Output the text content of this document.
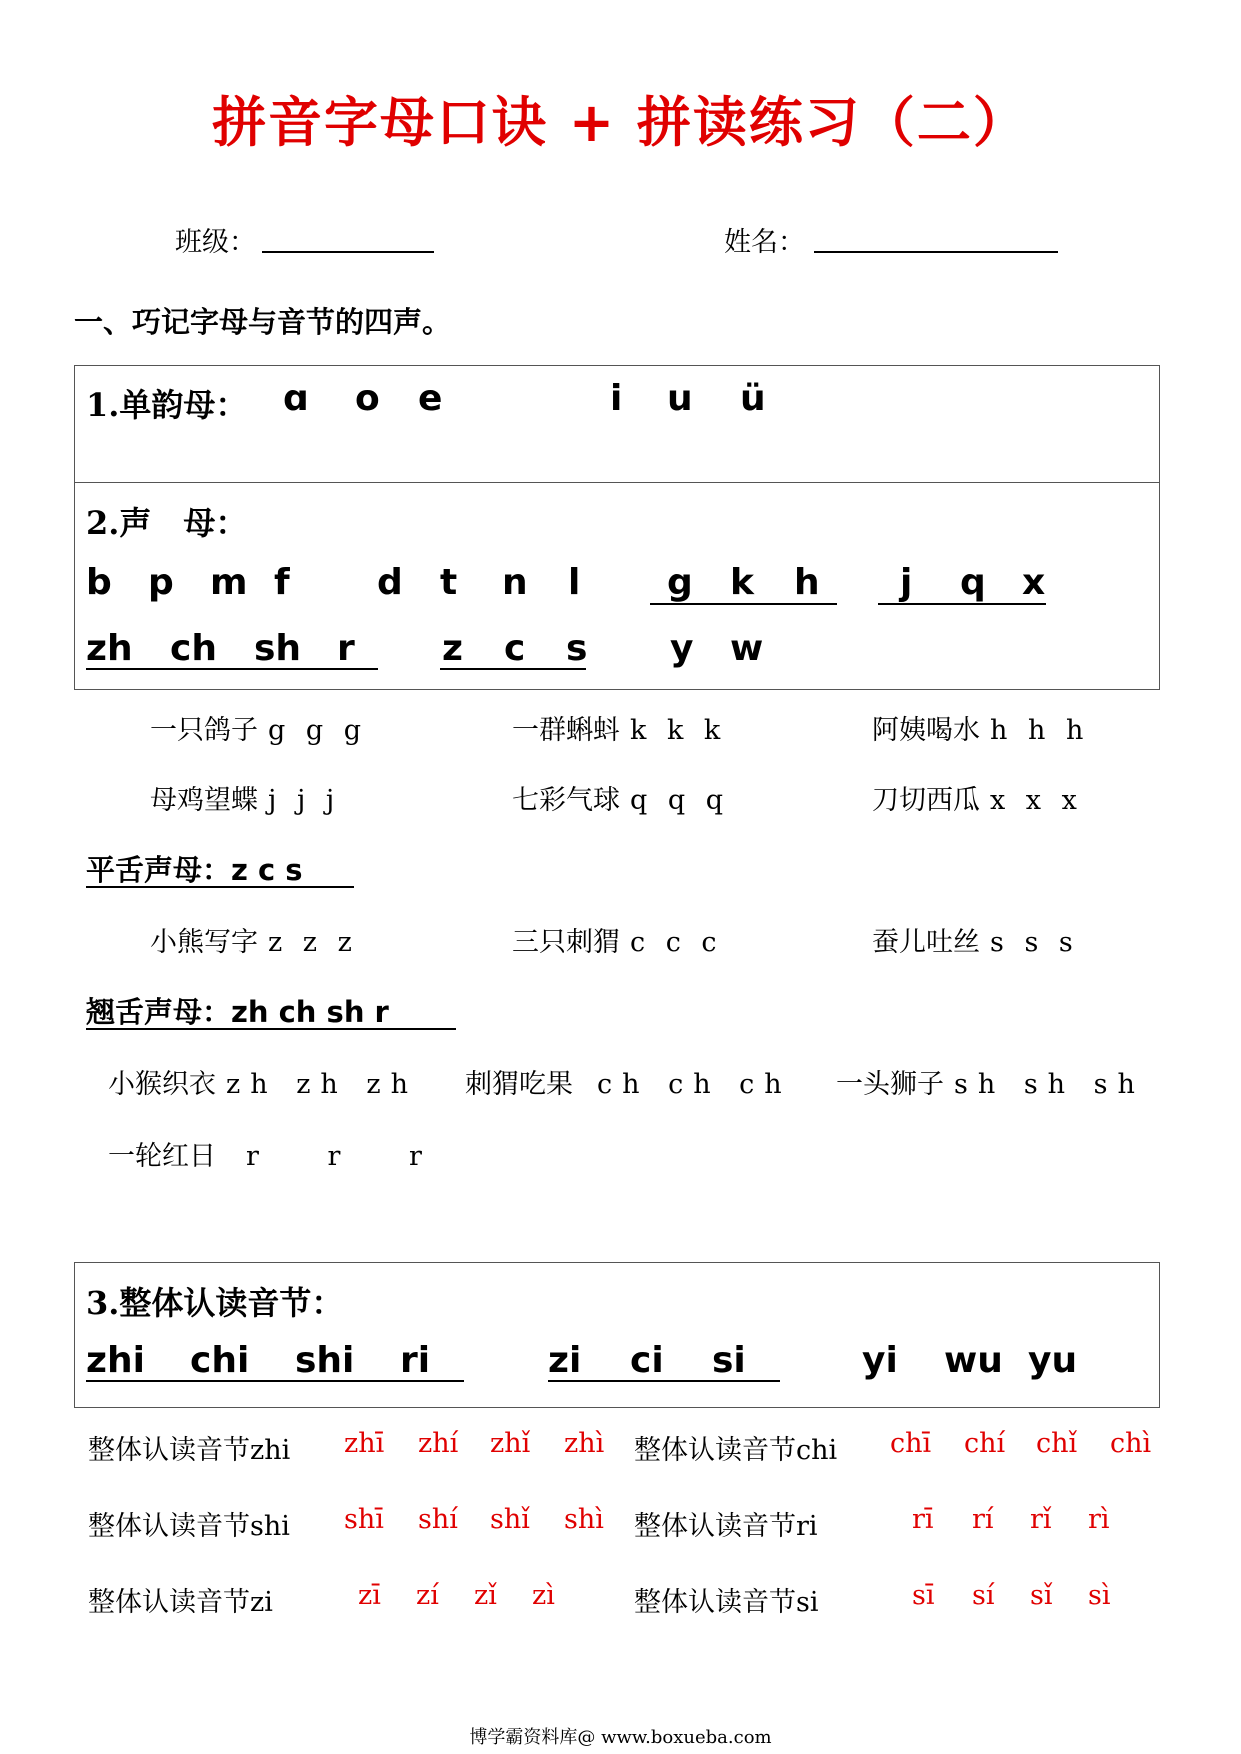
拼音字母口诀 + 拼读练习（二）
班级：	姓名：
一、巧记字母与音节的四声。
1.单韵母： ɑ o e	i u ü
2.声　母：
b p m f d t n l g k h j q x
zh ch sh r z c s y w
一只鸽子 g g g	一群蝌蚪 k k k	阿姨喝水 h h h
母鸡望蝶 j j j	七彩气球 q q q	刀切西瓜 x x x
平舌声母：z c s
小熊写字 z z z	三只刺猬 c c c	蚕儿吐丝 s s s
翘舌声母：zh ch sh r
小猴织衣 zh zh zh 刺猬吃果 ch ch ch 一头狮子 sh sh sh
一轮红日 r r r
3.整体认读音节：
zhi chi shi ri	zi ci si	yi wu yu
整体认读音节zhi zhī zhí zhǐ zhì 整体认读音节chi chī chí chǐ chì
整体认读音节shi shī shí shǐ shì 整体认读音节ri	rī rí rǐ rì
整体认读音节zi	zī zí zǐ zì	整体认读音节si	sī sí sǐ sì
博学霸资料库@ www.boxueba.com
